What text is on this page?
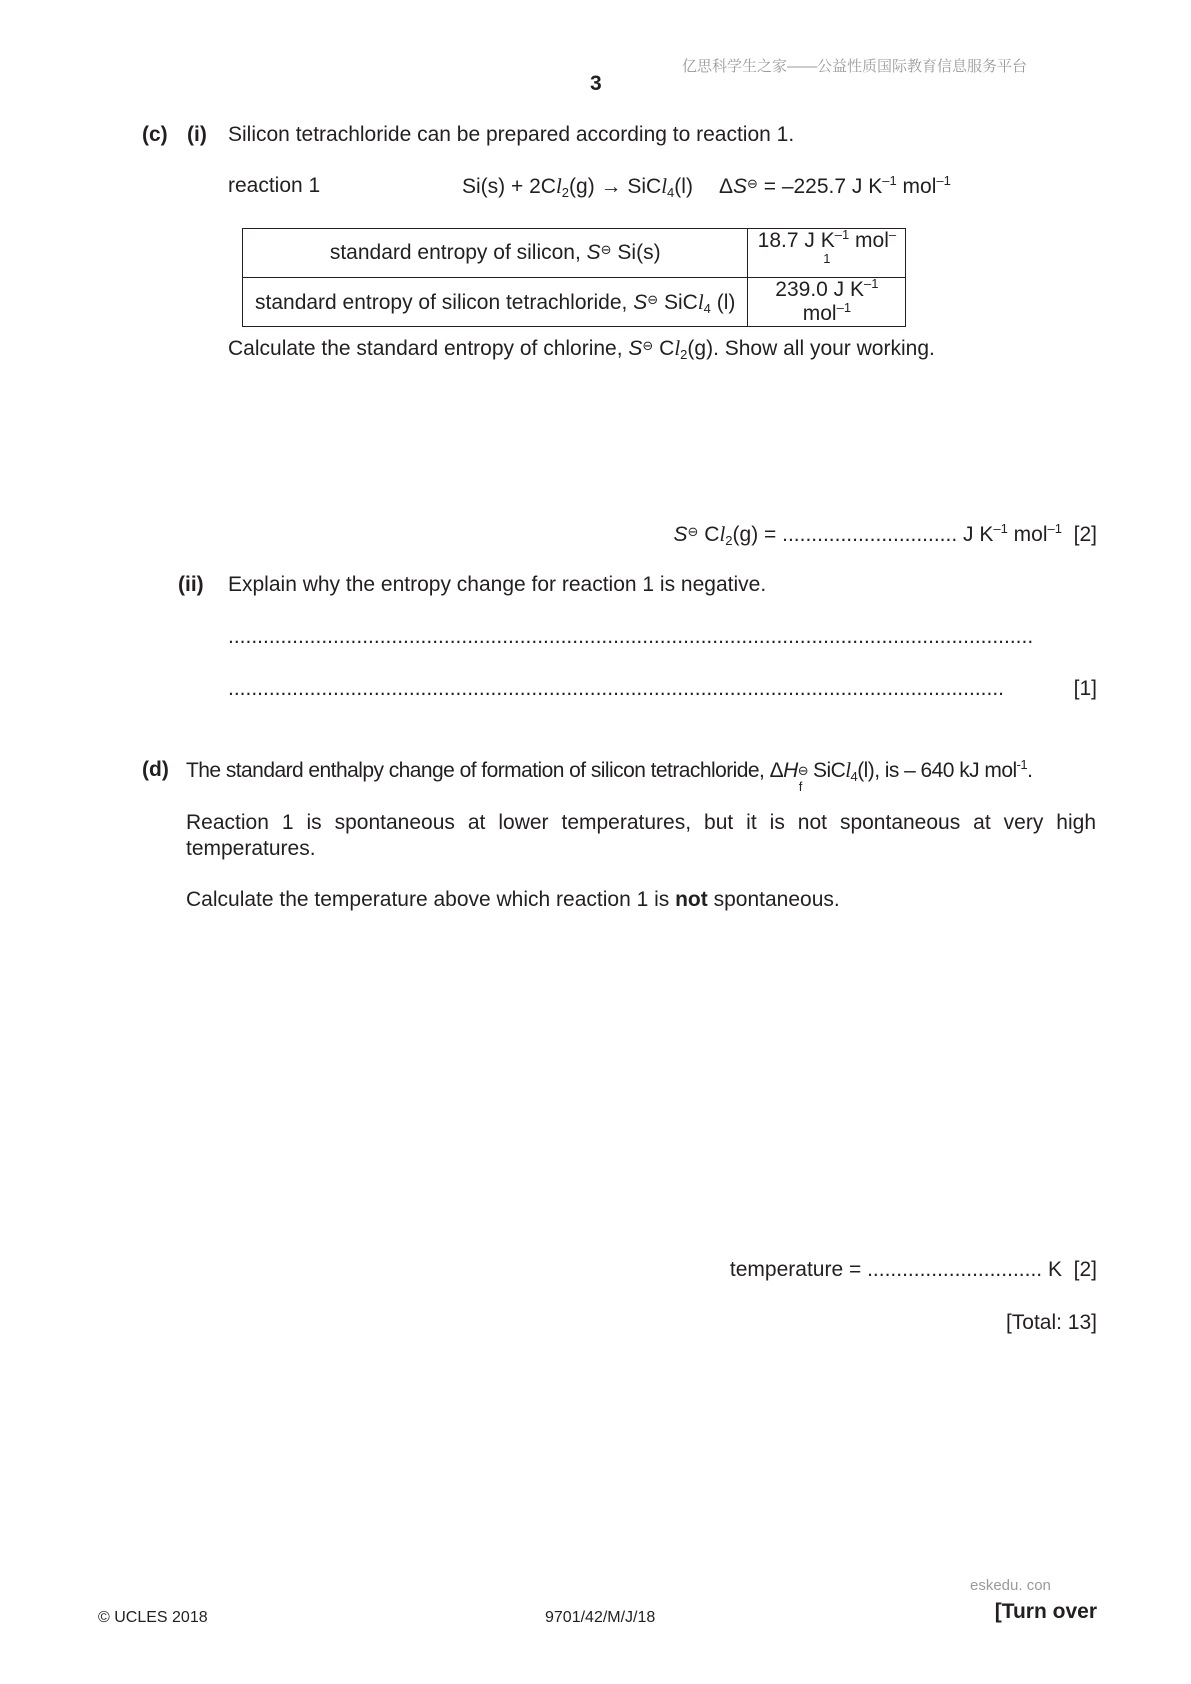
亿思科学生之家——公益性质国际教育信息服务平台
3
(c) (i) Silicon tetrachloride can be prepared according to reaction 1.
reaction 1	$Si(s) + 2Cl_2(g)$ → SiCl$_4$(l) ΔS⊖ = –225.7 J $K^{-1}$ mol$^{-1}$
standard entropy of silicon, S⊖ Si(s)	18.7 J $K^{-1}$ mol$^{-1}$
standard entropy of silicon tetrachloride, S⊖ SiCl$_4$ (l)	239.0 J $K^{-1}$ mol$^{-1}$
Calculate the standard entropy of chlorine, S⊖ $Cl_2(g)$. Show all your working.
S⊖ $Cl_2(g)$ = .............................. J $K^{-1}$ mol$^{-1}$ [2]
(ii) Explain why the entropy change for reaction 1 is negative.
..........................................................................................................................................
.....................................................................................................................................	[1]
(d) The standard enthalpy change of formation of silicon tetrachloride, ΔH ⊖
f
SiCl$_4$(l), is – 640 kJ mol$^{-1}$.
Reaction 1 is spontaneous at lower temperatures, but it is not spontaneous at very high temperatures.
Calculate the temperature above which reaction 1 is not spontaneous.
temperature = .............................. K [2]
[Total: 13]
eskedu. con
© UCLES 2018	9701/42/M/J/18	[Turn over
